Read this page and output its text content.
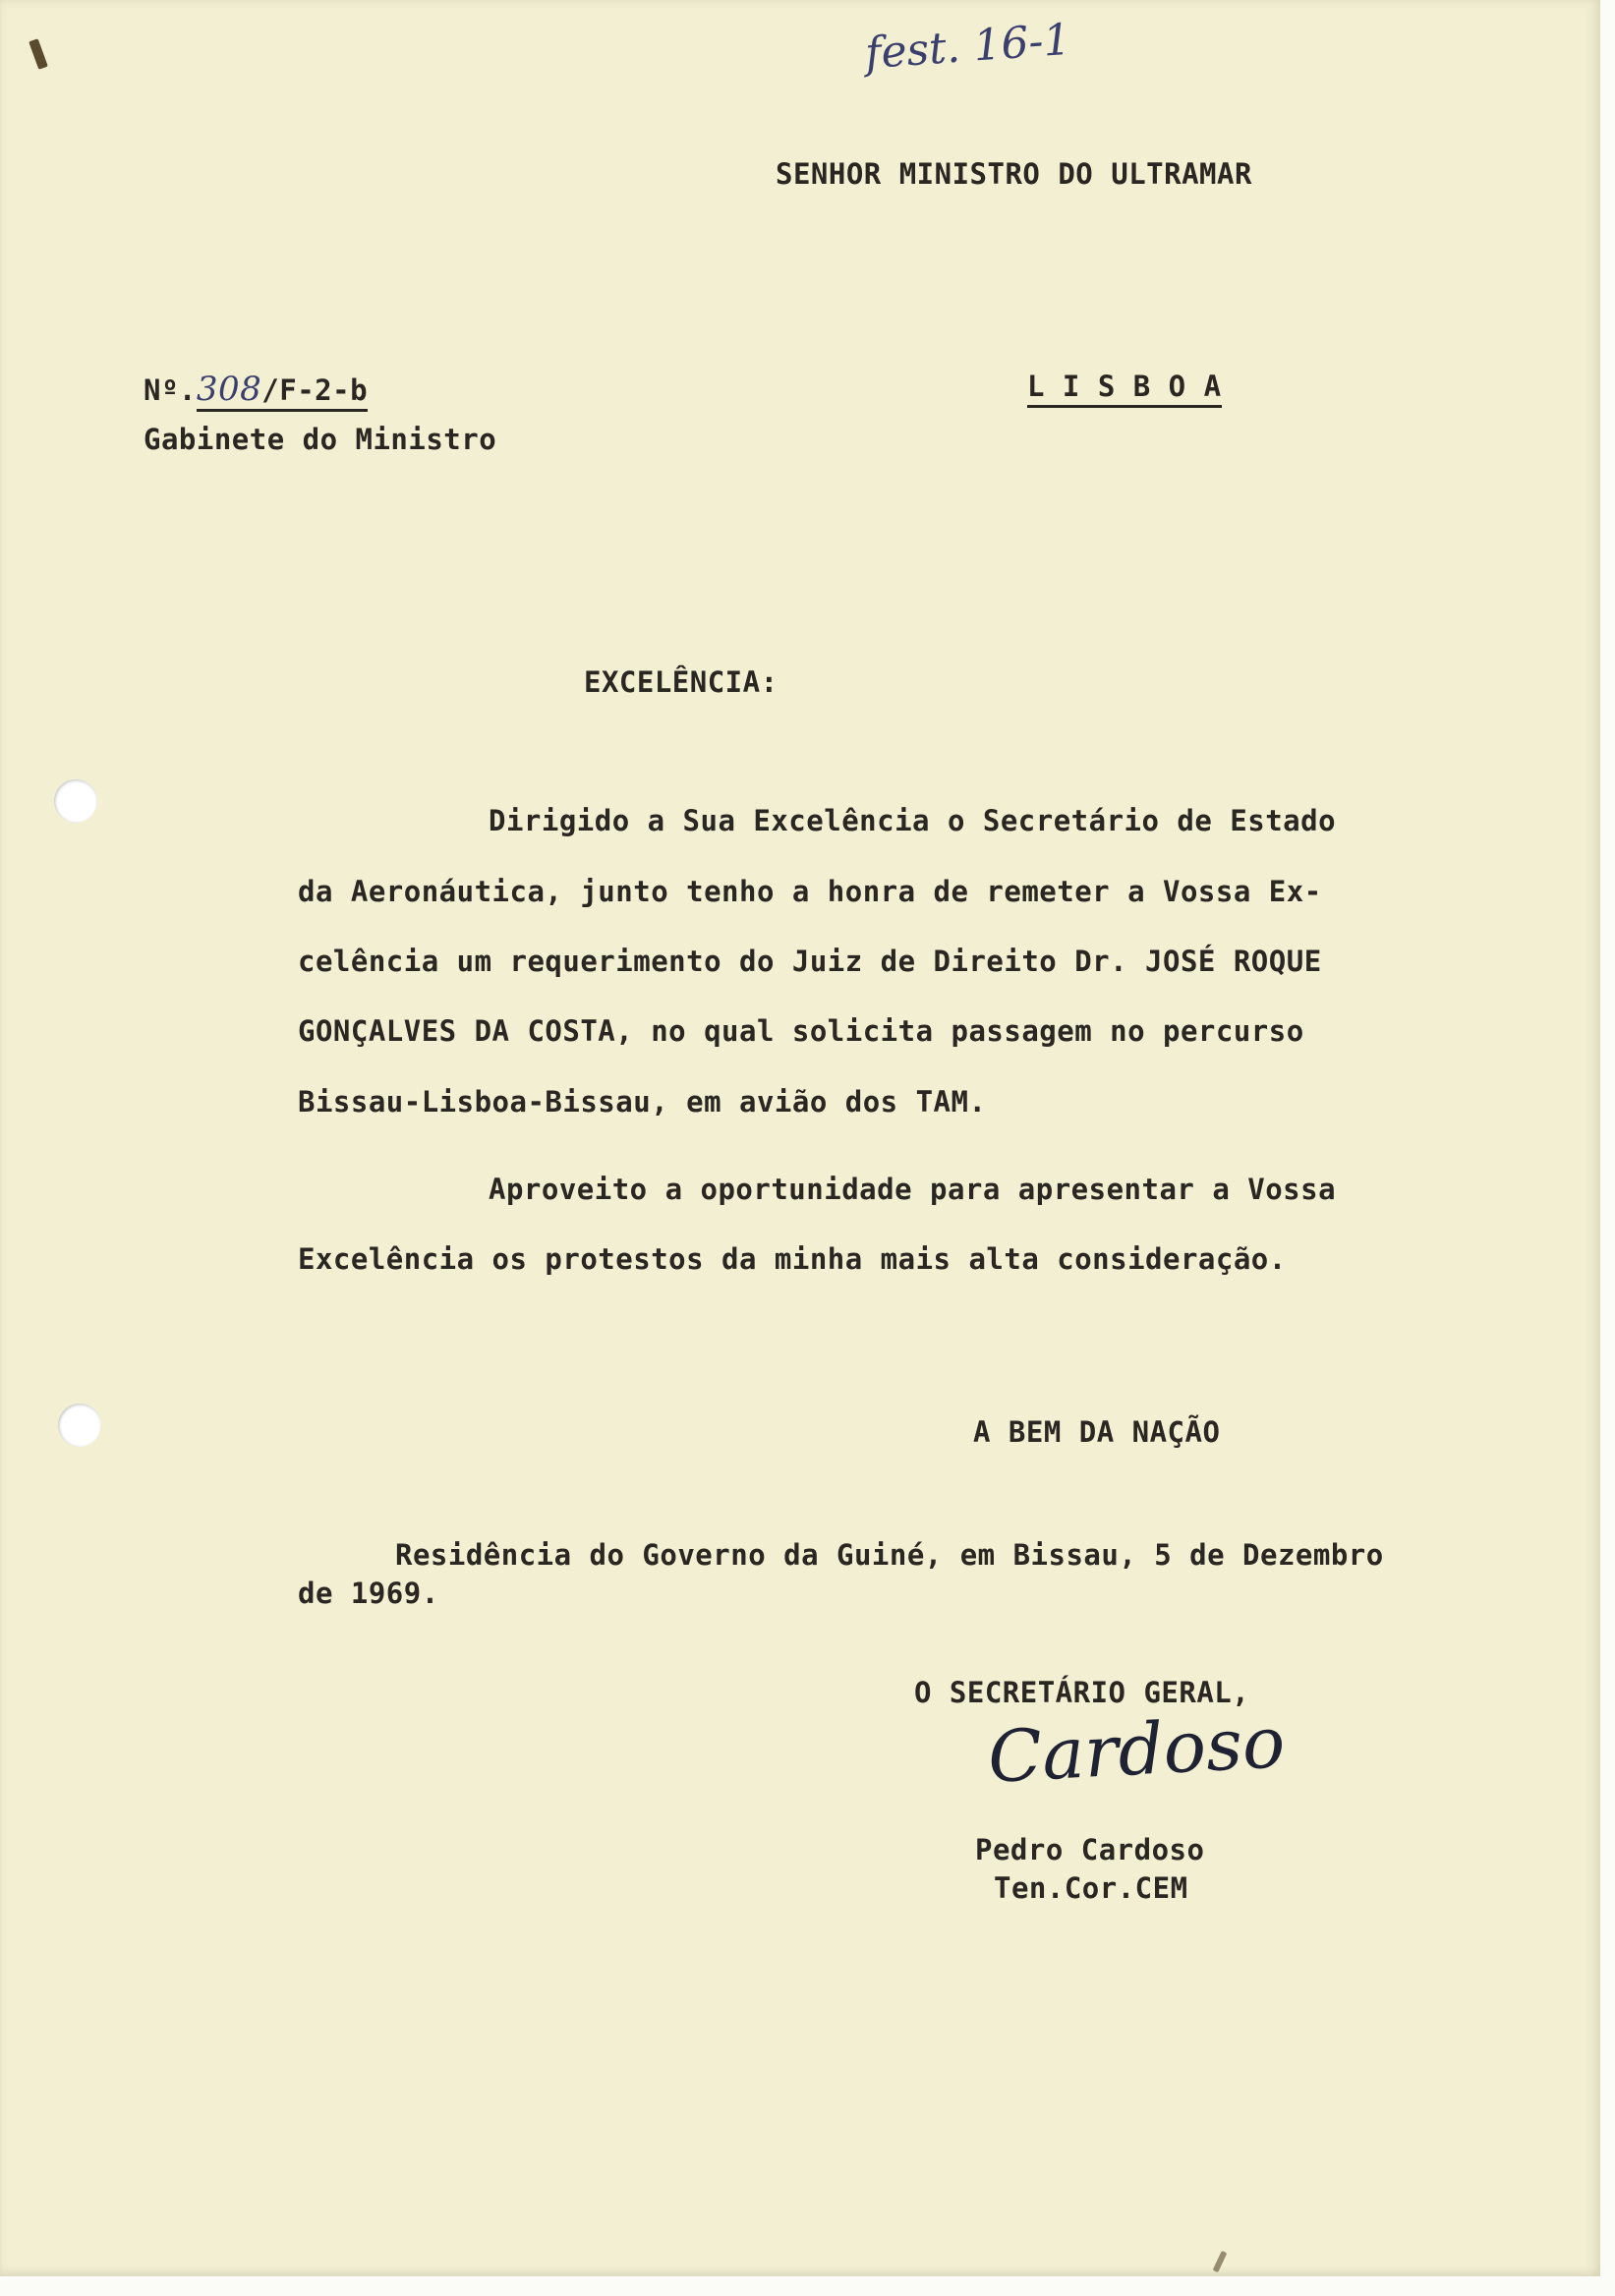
fest. 16-1
SENHOR MINISTRO DO ULTRAMAR
Nº.308/F-2-b	L I S B O A
Gabinete do Ministro
EXCELÊNCIA:
Dirigido a Sua Excelência o Secretário de Estado
da Aeronáutica, junto tenho a honra de remeter a Vossa Ex-
celência um requerimento do Juiz de Direito Dr. JOSÉ ROQUE
GONÇALVES DA COSTA, no qual solicita passagem no percurso
Bissau-Lisboa-Bissau, em avião dos TAM.
Aproveito a oportunidade para apresentar a Vossa
Excelência os protestos da minha mais alta consideração.
A BEM DA NAÇÃO
Residência do Governo da Guiné, em Bissau, 5 de Dezembro
de 1969.
O SECRETÁRIO GERAL,
Cardoso
Pedro Cardoso
Ten.Cor.CEM
